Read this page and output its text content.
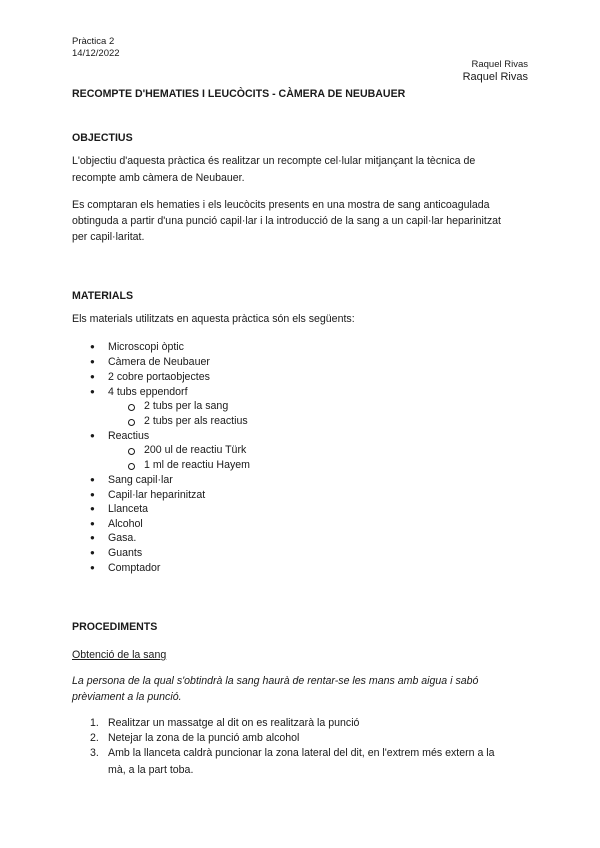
Pràctica 2
14/12/2022
Raquel Rivas
Raquel Rivas
RECOMPTE D'HEMATIES I LEUCÒCITS - CÀMERA DE NEUBAUER
OBJECTIUS
L'objectiu d'aquesta pràctica és realitzar un recompte cel·lular mitjançant la tècnica de
recompte amb càmera de Neubauer.
Es comptaran els hematies i els leucòcits presents en una mostra de sang anticoagulada
obtinguda a partir d'una punció capil·lar i la introducció de la sang a un capil·lar heparinitzat
per capil·laritat.
MATERIALS
Els materials utilitzats en aquesta pràctica són els següents:
● Microscopi òptic
● Càmera de Neubauer
● 2 cobre portaobjectes
● 4 tubs eppendorf
2 tubs per la sang
2 tubs per als reactius
● Reactius
200 ul de reactiu Türk
1 ml de reactiu Hayem
● Sang capil·lar
● Capil·lar heparinitzat
● Llanceta
● Alcohol
● Gasa.
● Guants
● Comptador
PROCEDIMENTS
Obtenció de la sang
La persona de la qual s'obtindrà la sang haurà de rentar-se les mans amb aigua i sabó
prèviament a la punció.
1. Realitzar un massatge al dit on es realitzarà la punció
2. Netejar la zona de la punció amb alcohol
3. Amb la llanceta caldrà puncionar la zona lateral del dit, en l'extrem més extern a la
mà, a la part toba.
